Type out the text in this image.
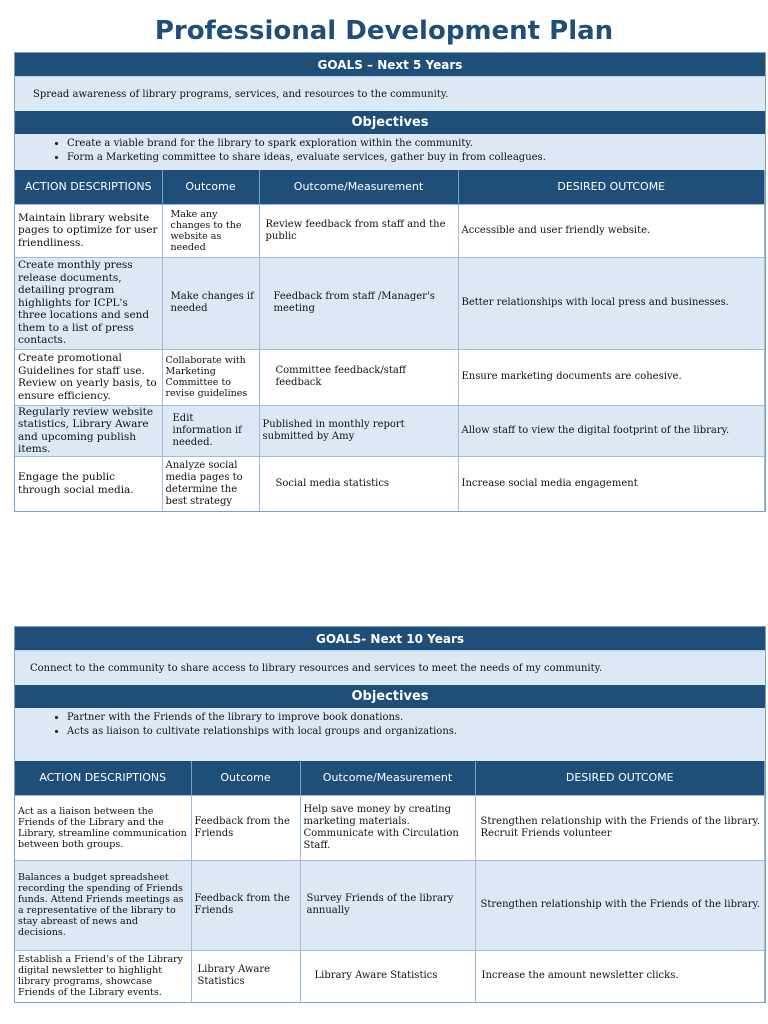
Professional Development Plan
GOALS – Next 5 Years
Spread awareness of library programs, services, and resources to the community.
Objectives
• Create a viable brand for the library to spark exploration within the community.
• Form a Marketing committee to share ideas, evaluate services, gather buy in from colleagues.
ACTION DESCRIPTIONS	Outcome	Outcome/Measurement	DESIRED OUTCOME
Maintain library website pages to optimize for user friendliness.	Make any changes to the website as needed	Review feedback from staff and the public	Accessible and user friendly website.
Create monthly press release documents, detailing program highlights for ICPL's three locations and send them to a list of press contacts.	Make changes if needed	Feedback from staff /Manager's meeting	Better relationships with local press and businesses.
Create promotional Guidelines for staff use. Review on yearly basis, to ensure efficiency.	Collaborate with Marketing Committee to revise guidelines	Committee feedback/staff feedback	Ensure marketing documents are cohesive.
Regularly review website statistics, Library Aware and upcoming publish items.	Edit information if needed.	Published in monthly report submitted by Amy	Allow staff to view the digital footprint of the library.
Engage the public through social media.	Analyze social media pages to determine the best strategy	Social media statistics	Increase social media engagement
GOALS- Next 10 Years
Connect to the community to share access to library resources and services to meet the needs of my community.
Objectives
• Partner with the Friends of the library to improve book donations.
• Acts as liaison to cultivate relationships with local groups and organizations.
ACTION DESCRIPTIONS	Outcome	Outcome/Measurement	DESIRED OUTCOME
Act as a liaison between the Friends of the Library and the Library, streamline communication between both groups.	Feedback from the Friends	Help save money by creating marketing materials. Communicate with Circulation Staff.	Strengthen relationship with the Friends of the library. Recruit Friends volunteer
Balances a budget spreadsheet recording the spending of Friends funds. Attend Friends meetings as a representative of the library to stay abreast of news and decisions.	Feedback from the Friends	Survey Friends of the library annually	Strengthen relationship with the Friends of the library.
Establish a Friend's of the Library digital newsletter to highlight library programs, showcase Friends of the Library events.	Library Aware Statistics	Library Aware Statistics	Increase the amount newsletter clicks.
